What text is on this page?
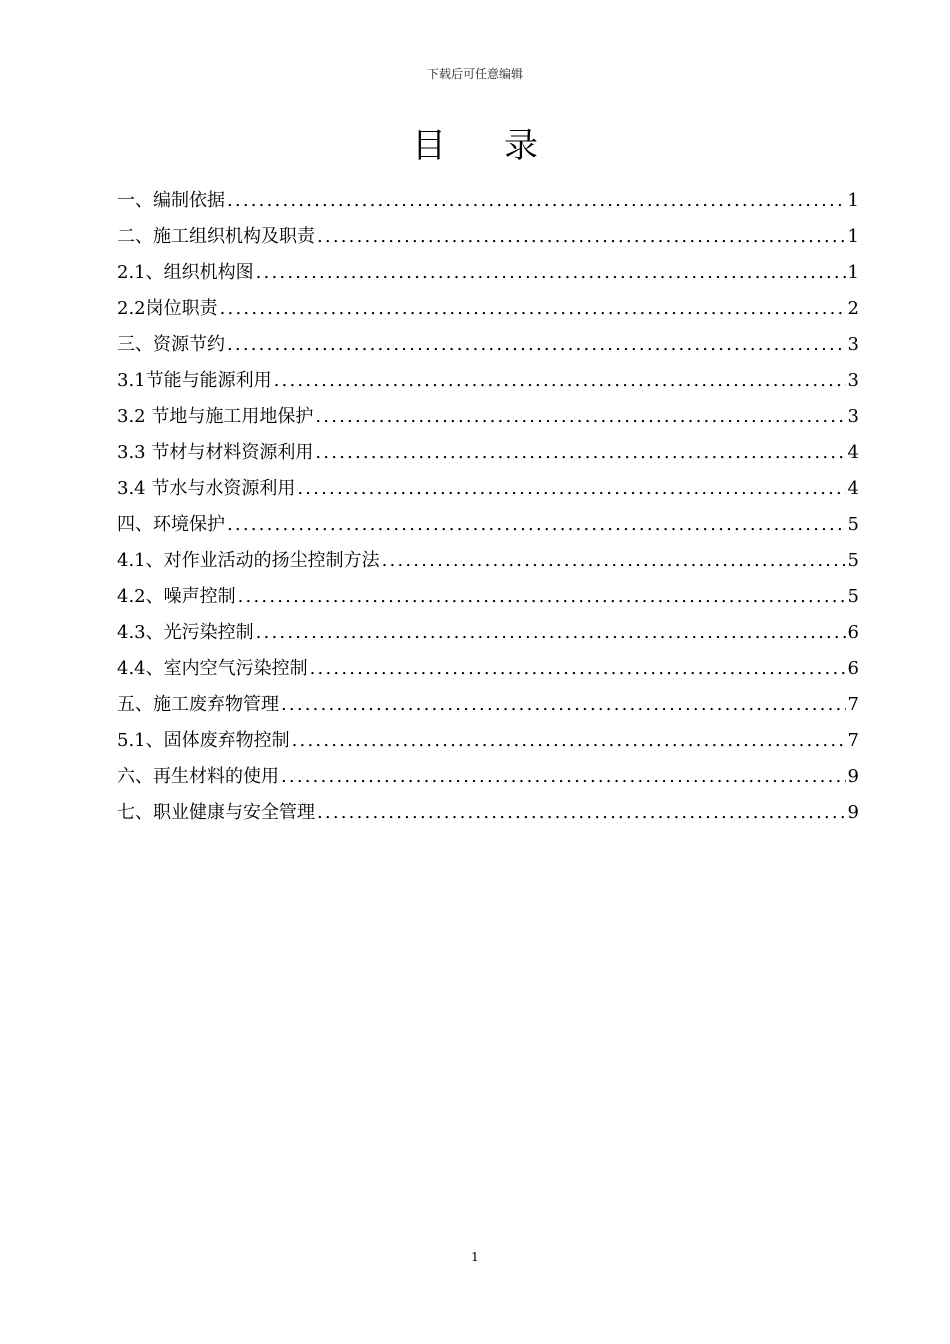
下载后可任意编辑
目录
一、编制依据 .....	1
二、施工组织机构及职责 .....	1
2.1、组织机构图 .....	1
2.2岗位职责 .....	2
三、资源节约 .....	3
3.1节能与能源利用 .....	3
3.2 节地与施工用地保护 .....	3
3.3 节材与材料资源利用 .....	4
3.4 节水与水资源利用 .....	4
四、环境保护 .....	5
4.1、对作业活动的扬尘控制方法 .....	5
4.2、噪声控制 .....	5
4.3、光污染控制 .....	6
4.4、室内空气污染控制 .....	6
五、施工废弃物管理 .....	7
5.1、固体废弃物控制 .....	7
六、再生材料的使用 .....	9
七、职业健康与安全管理 .....	9
1
